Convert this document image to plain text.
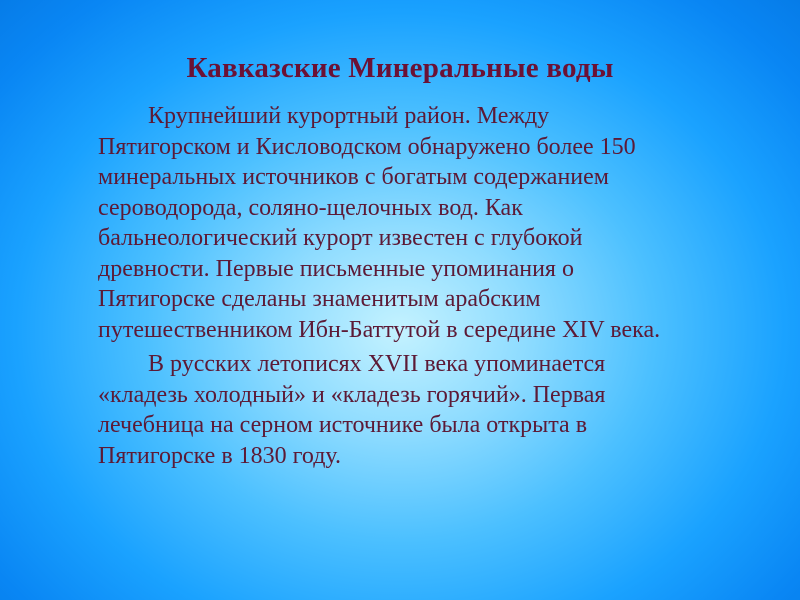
Кавказские Минеральные воды

Крупнейший курортный район. Между
Пятигорском и Кисловодском обнаружено более 150
минеральных источников с богатым содержанием
сероводорода, соляно-щелочных вод. Как
бальнеологический курорт известен с глубокой
древности. Первые письменные упоминания о
Пятигорске сделаны знаменитым арабским
путешественником Ибн-Баттутой в середине XIV века.

В русских летописях XVII века упоминается
«кладезь холодный» и «кладезь горячий». Первая
лечебница на серном источнике была открыта в
Пятигорске в 1830 году.
